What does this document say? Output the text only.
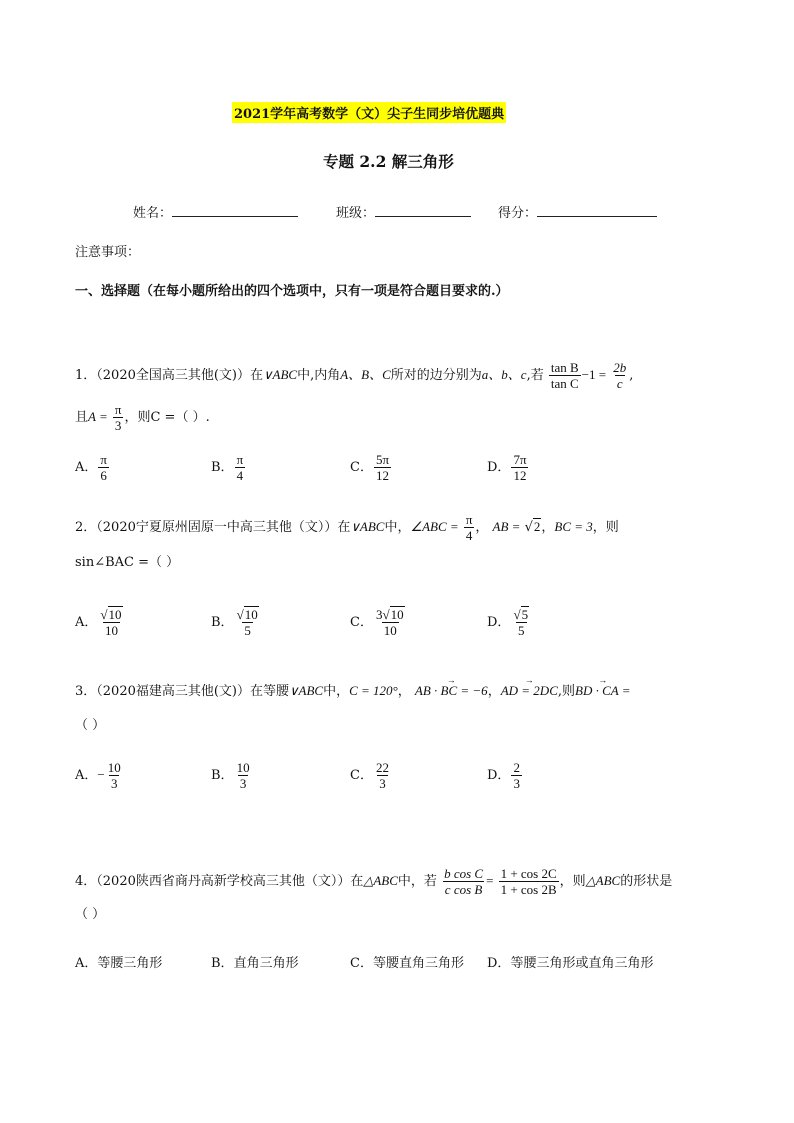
2021学年高考数学（文）尖子生同步培优题典
专题 2.2 解三角形
姓名：	班级：	得分：
注意事项：
一、选择题（在每小题所给出的四个选项中，只有一项是符合题目要求的.）
1．（2020全国高三其他(文)）在∨ABC中,内角A、B、C所对的边分别为a、b、c,若 $\frac{\text{tan B}}{\text{tan C}} -1 = \frac{2b}{c}$ ,
且$A = \frac{\pi}{3}$ ，则C =（ ）.
A． $\frac{\pi}{6}$	B． $\frac{\pi}{4}$	C． $\frac{5\pi}{12}$	D． $\frac{7\pi}{12}$
2．（2020宁夏原州固原一中高三其他（文））在∨ABC中，∠ABC = $\frac{\pi}{4}$ ， AB = √2，BC = 3，则
sin∠BAC =（ ）
A． $\frac{√10}{10}$	B． $\frac{√10}{5}$	C． $\frac{3√10}{10}$	D． $\frac{√5}{5}$
3．（2020福建高三其他(文)）在等腰∨ABC中，C = 120°， → AB · BC = −6，→ AD = 2DC,则→ BD · CA =
（ ）
A．− $\frac{10}{3}$	B． $\frac{10}{3}$	C． $\frac{22}{3}$	D． $\frac{2}{3}$
4．（2020陕西省商丹高新学校高三其他（文））在△ABC中，若 $\frac{\text{b cos C}}{\text{c cos B}} = \frac{1 + \cos 2C}{1 + \cos 2B}$ ，则△ABC的形状是
（ ）
A．等腰三角形	B．直角三角形	C．等腰直角三角形 D．等腰三角形或直角三角形
